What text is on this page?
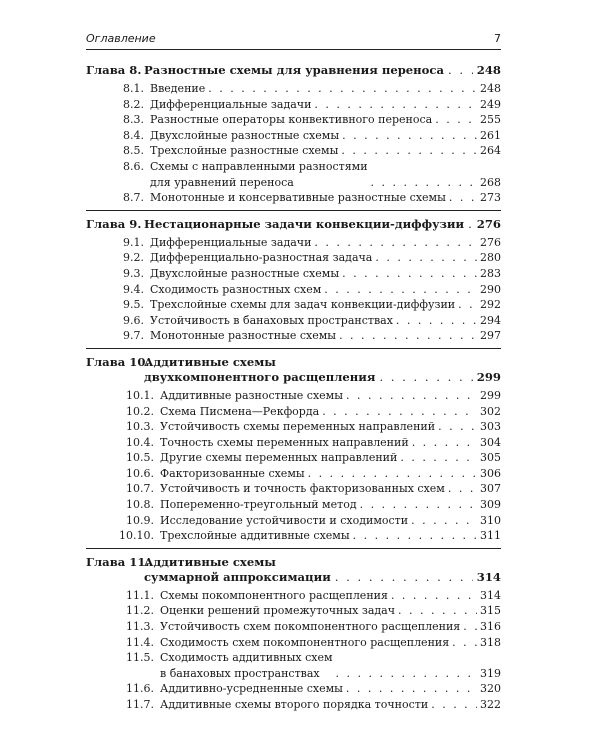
Оглавление	7
Глава 8. Разностные схемы для уравнения переноса . . .	248
8.1. Введение . . .	248
8.2. Дифференциальные задачи . . .	249
8.3. Разностные операторы конвективного переноса . . .	255
8.4. Двухслойные разностные схемы . . .	261
8.5. Трехслойные разностные схемы . . .	264
8.6. Схемы с направленными разностями
для уравнений переноса . . .	268
8.7. Монотонные и консервативные разностные схемы . . .	273
Глава 9. Нестационарные задачи конвекции-диффузии . . . 276
9.1. Дифференциальные задачи . . .	276
9.2. Дифференциально-разностная задача . . .	280
9.3. Двухслойные разностные схемы . . .	283
9.4. Сходимость разностных схем . . .	290
9.5. Трехслойные схемы для задач конвекции-диффузии . . . 292
9.6. Устойчивость в банаховых пространствах . . .	294
9.7. Монотонные разностные схемы . . .	297
Глава 10.
Аддитивные схемы
двухкомпонентного расщепления . . .	299
10.1. Аддитивные разностные схемы . . .	299
10.2. Схема Писмена—Рекфорда . . .	302
10.3. Устойчивость схемы переменных направлений . . .	303
10.4. Точность схемы переменных направлений . . .	304
10.5. Другие схемы переменных направлений . . .	305
10.6. Факторизованные схемы . . .	306
10.7. Устойчивость и точность факторизованных схем . . .	307
10.8. Попеременно-треугольный метод . . .	309
10.9. Исследование устойчивости и сходимости . . .	310
10.10. Трехслойные аддитивные схемы . . .	311
Глава 11.
Аддитивные схемы
суммарной аппроксимации . . .	314
11.1. Схемы покомпонентного расщепления . . .	314
11.2. Оценки решений промежуточных задач . . .	315
11.3. Устойчивость схем покомпонентного расщепления . . . 316
11.4. Сходимость схем покомпонентного расщепления . . .	318
11.5. Сходимость аддитивных схем
в банаховых пространствах . . .	319
11.6. Аддитивно-усредненные схемы . . .	320
11.7. Аддитивные схемы второго порядка точности . . .	322
